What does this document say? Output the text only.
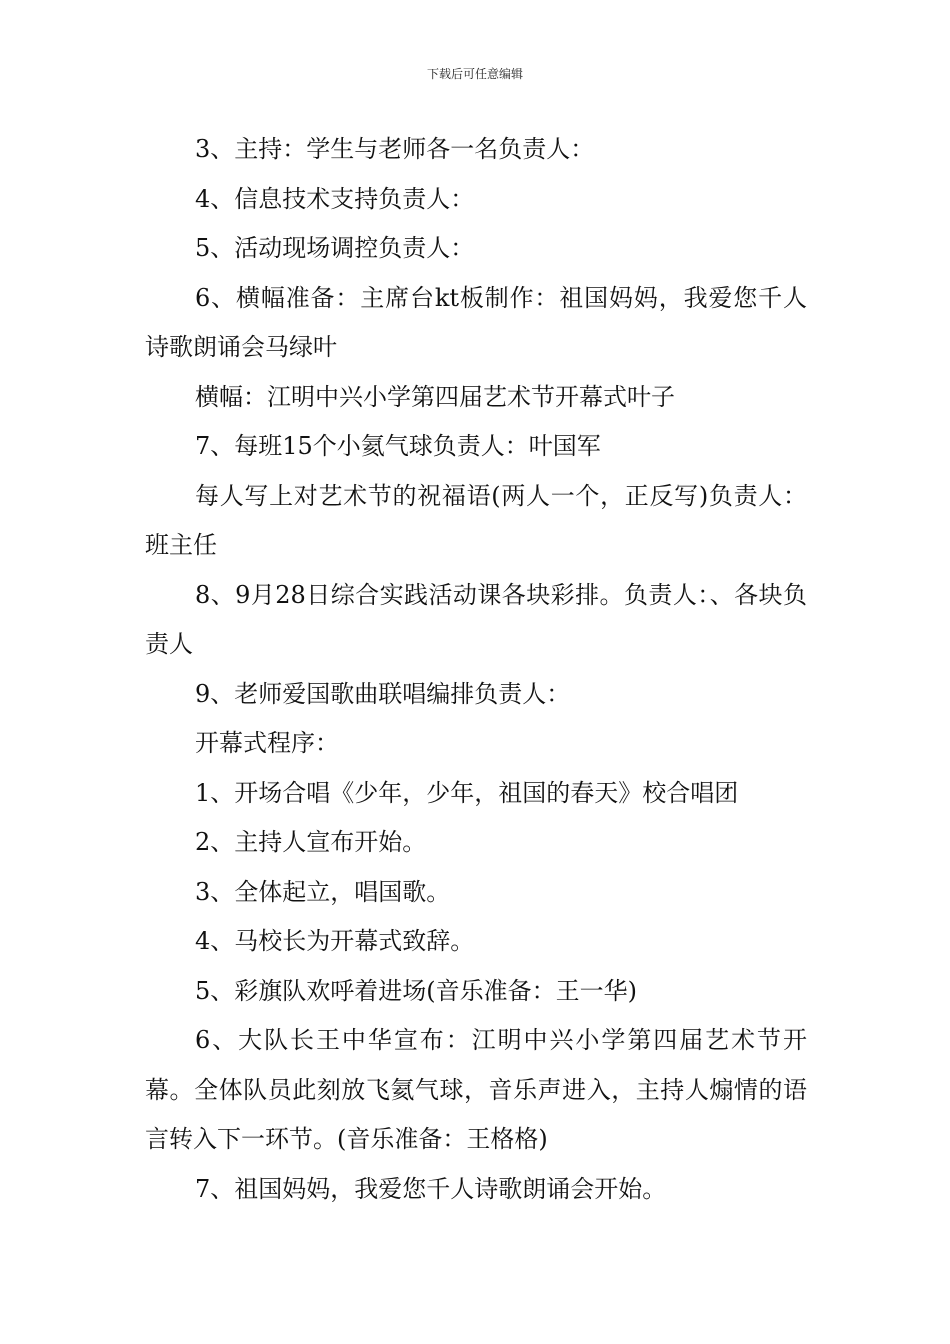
下载后可任意编辑

3、主持：学生与老师各一名负责人：

4、信息技术支持负责人：

5、活动现场调控负责人：

6、横幅准备：主席台kt板制作：祖国妈妈，我爱您千人诗歌朗诵会马绿叶

横幅：江明中兴小学第四届艺术节开幕式叶子

7、每班15个小氦气球负责人：叶国军

每人写上对艺术节的祝福语(两人一个，正反写)负责人：班主任

8、9月28日综合实践活动课各块彩排。负责人：、各块负责人

9、老师爱国歌曲联唱编排负责人：

开幕式程序：

1、开场合唱《少年，少年，祖国的春天》校合唱团

2、主持人宣布开始。

3、全体起立，唱国歌。

4、马校长为开幕式致辞。

5、彩旗队欢呼着进场(音乐准备：王一华)

6、大队长王中华宣布：江明中兴小学第四届艺术节开幕。全体队员此刻放飞氦气球，音乐声进入，主持人煽情的语言转入下一环节。(音乐准备：王格格)

7、祖国妈妈，我爱您千人诗歌朗诵会开始。
